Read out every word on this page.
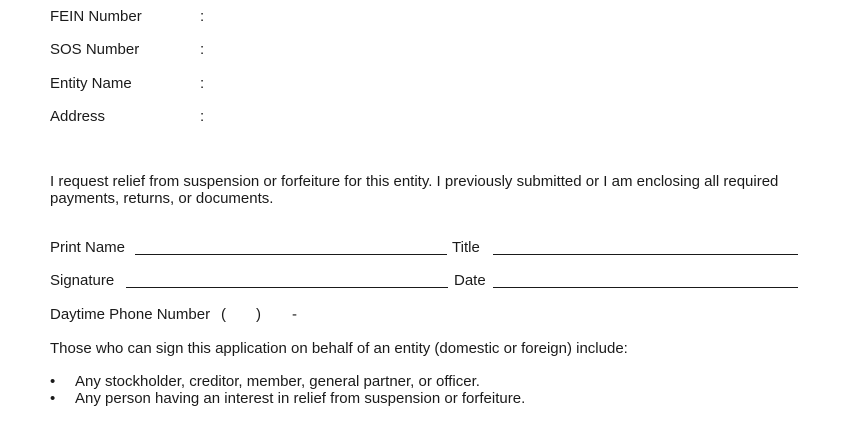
FEIN Number	:
SOS Number	:
Entity Name	:
Address	:
I request relief from suspension or forfeiture for this entity. I previously submitted or I am enclosing all required payments, returns, or documents.
Print Name	Title
Signature	Date
Daytime Phone Number ( ) -
Those who can sign this application on behalf of an entity (domestic or foreign) include:
• Any stockholder, creditor, member, general partner, or officer.
• Any person having an interest in relief from suspension or forfeiture.
